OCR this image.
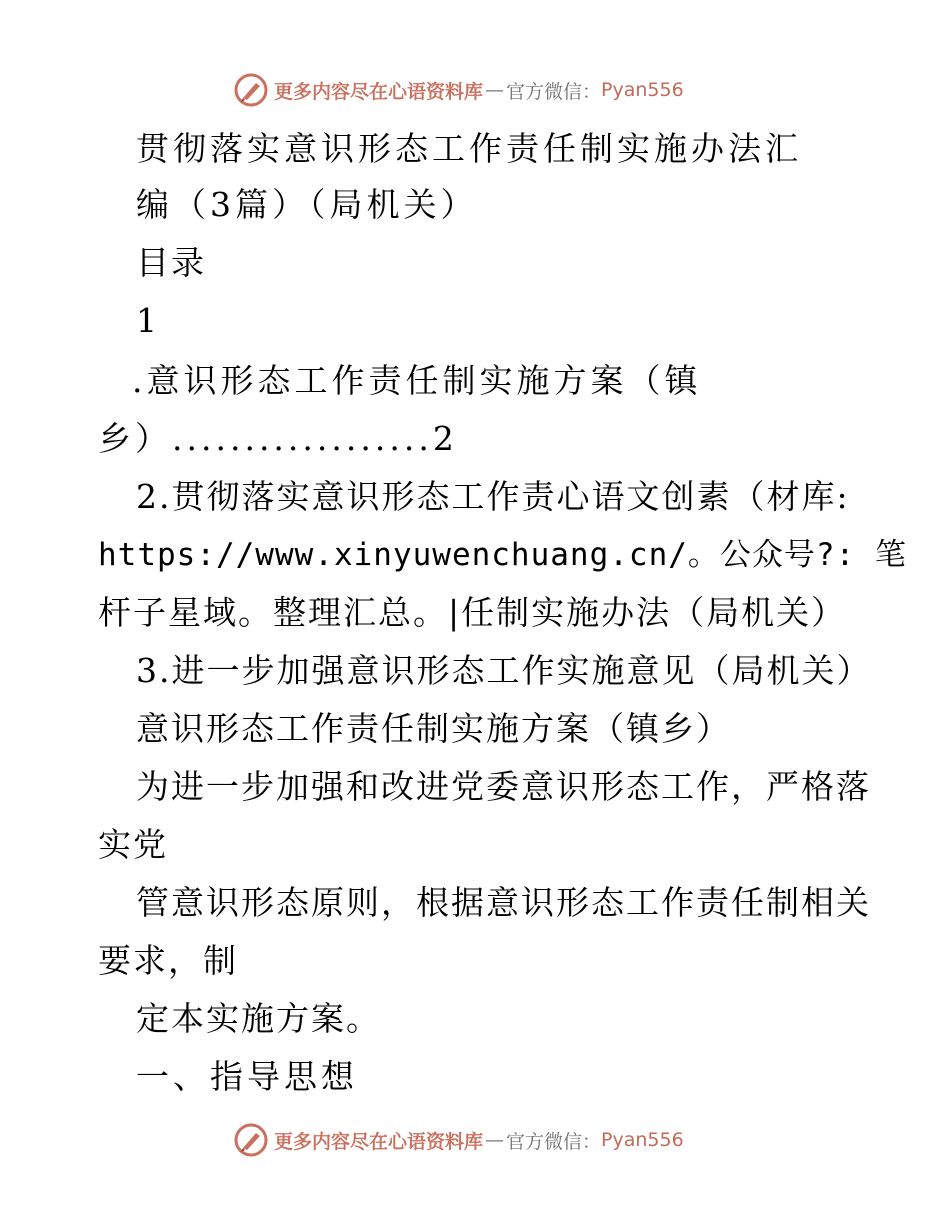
更多内容尽在心语资料库 — 官方微信： Pyan556
贯彻落实意识形态工作责任制实施办法汇
编（3篇）（局机关）
目录
1
.意识形态工作责任制实施方案（镇
乡）..................2
2.贯彻落实意识形态工作责心语文创素（材库:
https://www.xinyuwenchuang.cn/。公众号?: 笔
杆子星域。整理汇总。|任制实施办法（局机关）
3.进一步加强意识形态工作实施意见（局机关）
意识形态工作责任制实施方案（镇乡）
为进一步加强和改进党委意识形态工作，严格落
实党
管意识形态原则，根据意识形态工作责任制相关
要求，制
定本实施方案。
一、指导思想
更多内容尽在心语资料库 — 官方微信： Pyan556
